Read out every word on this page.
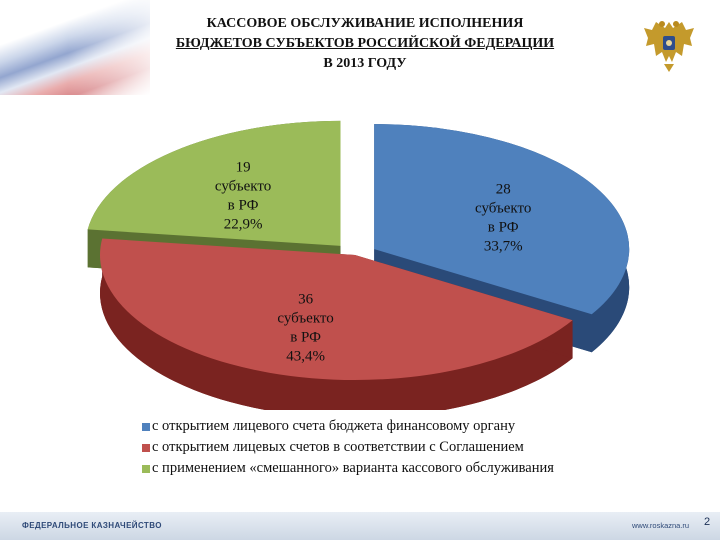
КАССОВОЕ ОБСЛУЖИВАНИЕ ИСПОЛНЕНИЯ
БЮДЖЕТОВ СУБЪЕКТОВ РОССИЙСКОЙ ФЕДЕРАЦИИ
В 2013 ГОДУ
28 субъекто в РФ 33,7%
36 субъекто в РФ 43,4%
19 субъекто в РФ 22,9%
с открытием лицевого счета бюджета финансовому органу
с открытием лицевых счетов в соответствии с Соглашением
с применением «смешанного» варианта кассового обслуживания
ФЕДЕРАЛЬНОЕ КАЗНАЧЕЙСТВО	www.roskazna.ru 2
